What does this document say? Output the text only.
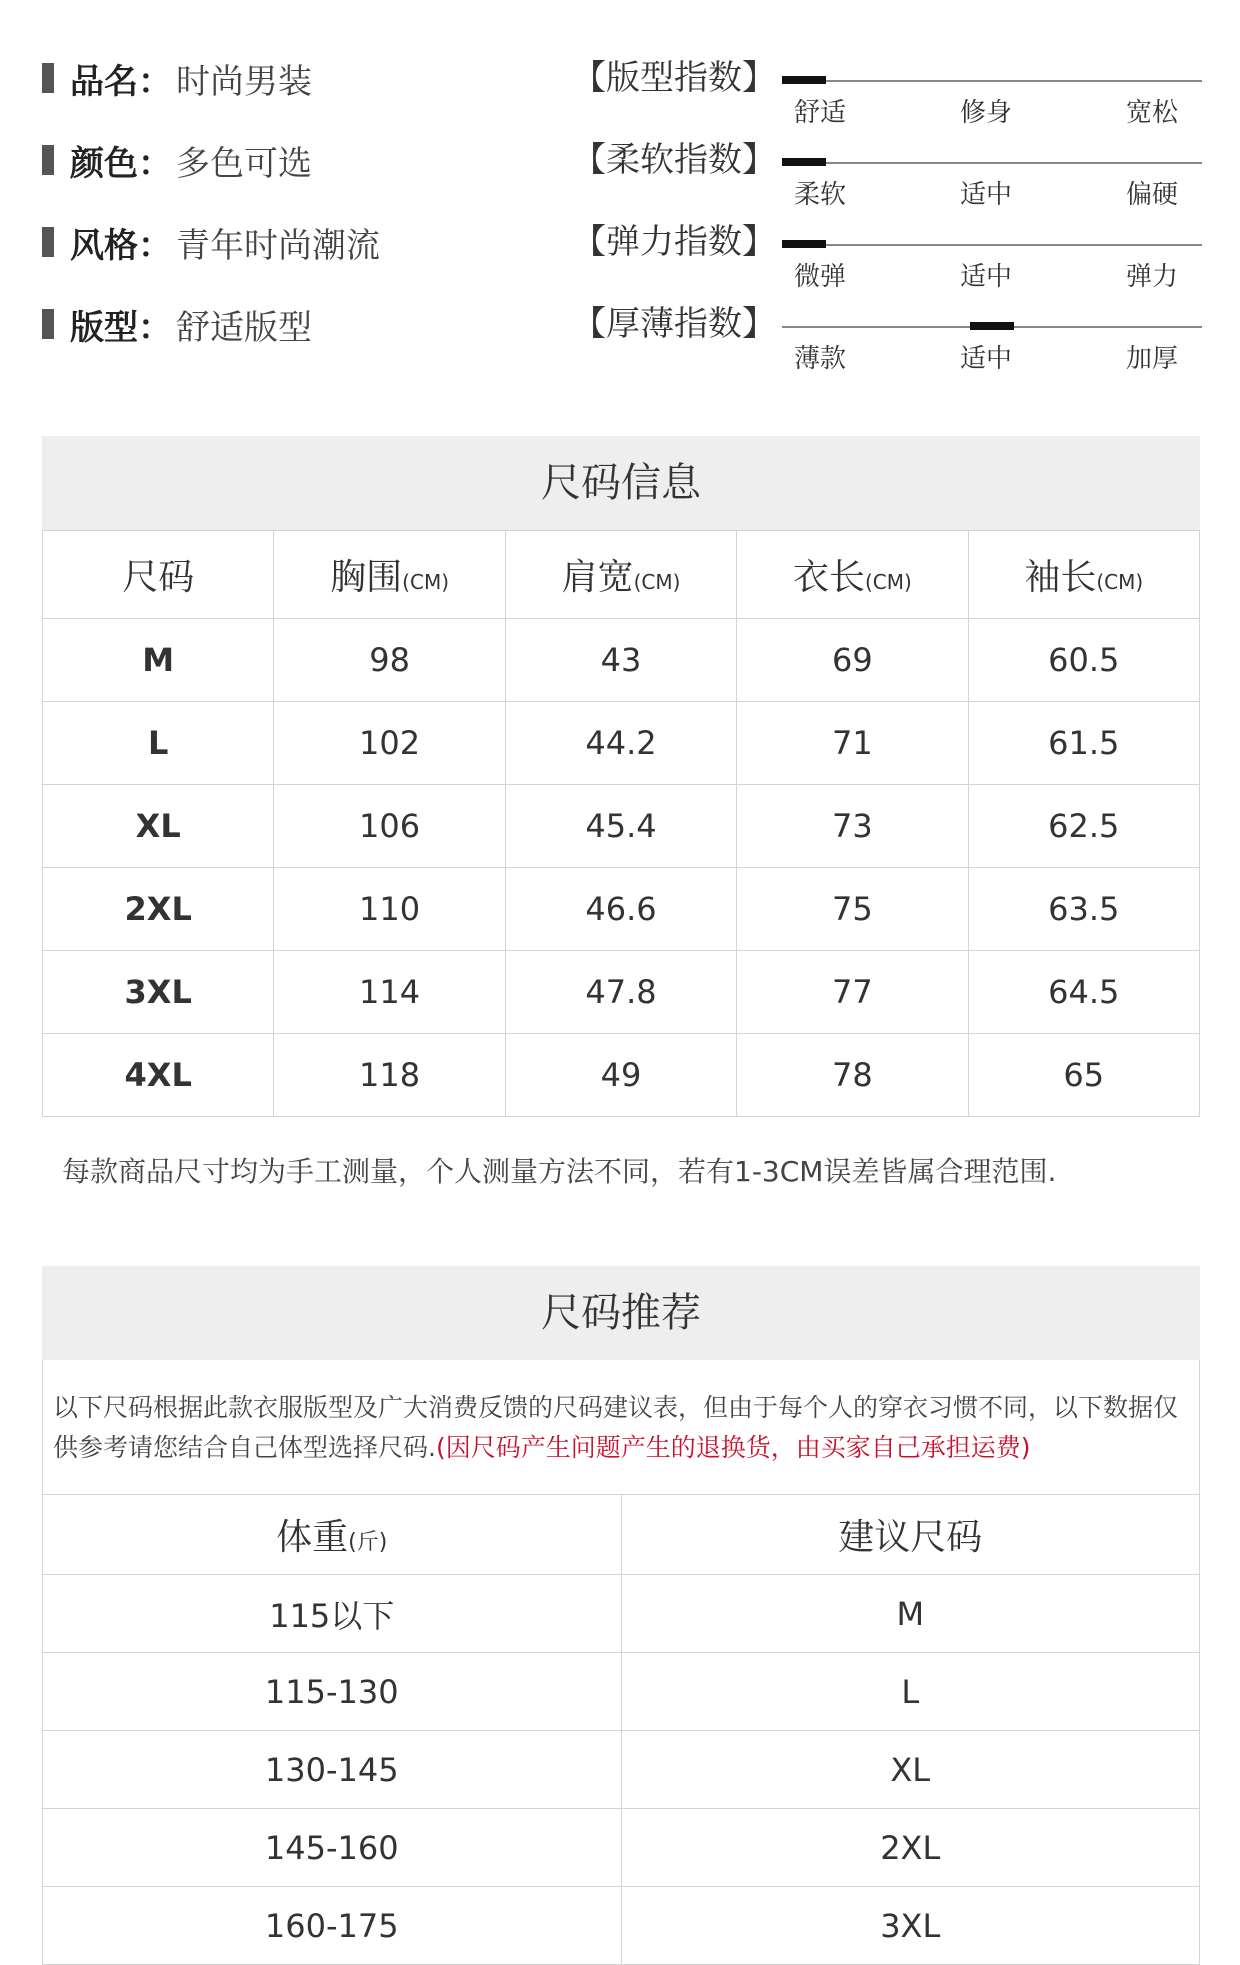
品名： 时尚男装	【版型指数】
舒适	修身	宽松
颜色： 多色可选	【柔软指数】
柔软	适中	偏硬
风格： 青年时尚潮流	【弹力指数】
微弹	适中	弹力
版型： 舒适版型	【厚薄指数】
薄款	适中	加厚
尺码信息
尺码	胸围(CM)	肩宽(CM)	衣长(CM)	袖长(CM)
M	98	43	69	60.5
L	102	44.2	71	61.5
XL	106	45.4	73	62.5
2XL	110	46.6	75	63.5
3XL	114	47.8	77	64.5
4XL	118	49	78	65
每款商品尺寸均为手工测量，个人测量方法不同，若有1-3CM误差皆属合理范围.
尺码推荐
以下尺码根据此款衣服版型及广大消费反馈的尺码建议表，但由于每个人的穿衣习惯不同，以下数据仅供参考请您结合自己体型选择尺码.(因尺码产生问题产生的退换货，由买家自己承担运费)
体重(斤)	建议尺码
115以下	M
115-130	L
130-145	XL
145-160	2XL
160-175	3XL
